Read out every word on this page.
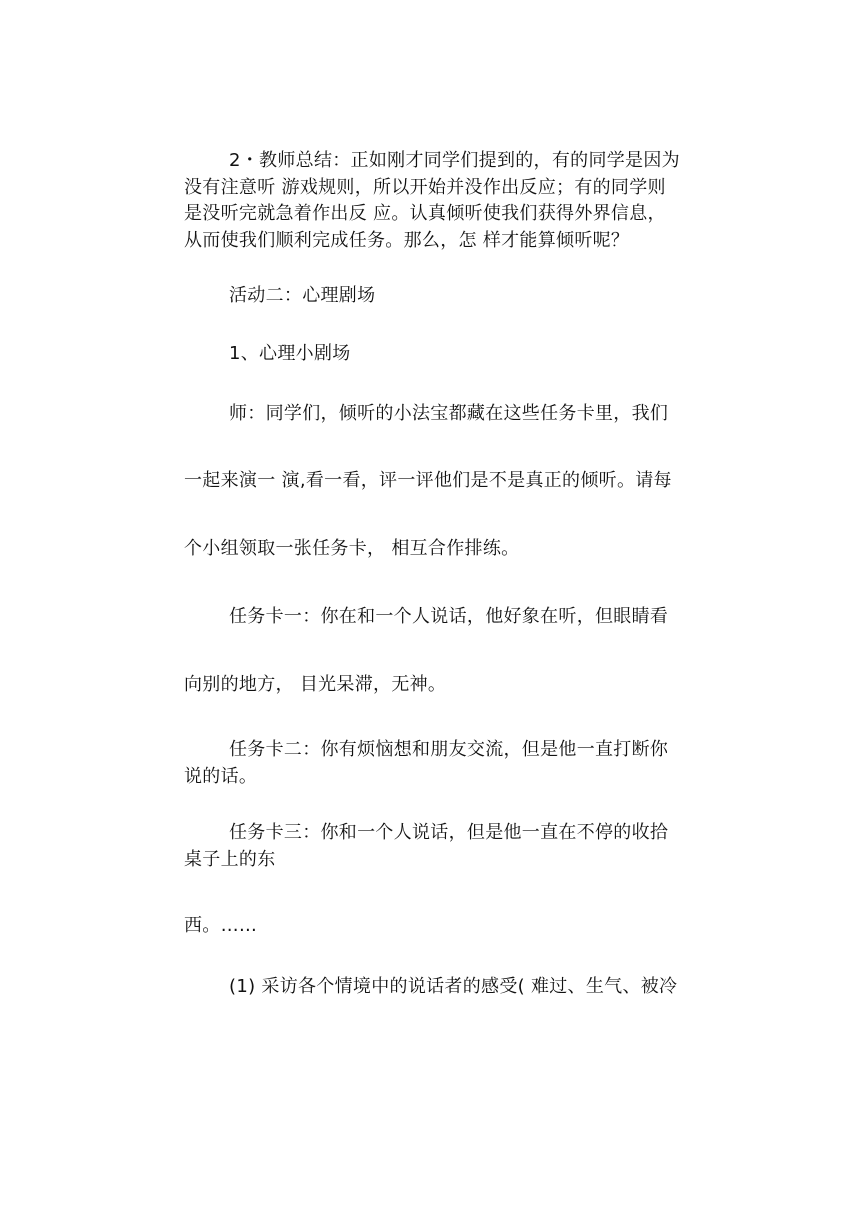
2・教师总结：正如刚才同学们提到的，有的同学是因为
没有注意听 游戏规则，所以开始并没作出反应；有的同学则
是没听完就急着作出反 应。认真倾听使我们获得外界信息，
从而使我们顺利完成任务。那么，怎 样才能算倾听呢？
活动二：心理剧场
1、心理小剧场
师：同学们，倾听的小法宝都藏在这些任务卡里，我们
一起来演一 演,看一看，评一评他们是不是真正的倾听。请每
个小组领取一张任务卡， 相互合作排练。
任务卡一：你在和一个人说话，他好象在听，但眼睛看
向别的地方， 目光呆滞，无神。
任务卡二：你有烦恼想和朋友交流，但是他一直打断你
说的话。
任务卡三：你和一个人说话，但是他一直在不停的收拾
桌子上的东
西。……
(1) 采访各个情境中的说话者的感受( 难过、生气、被冷
